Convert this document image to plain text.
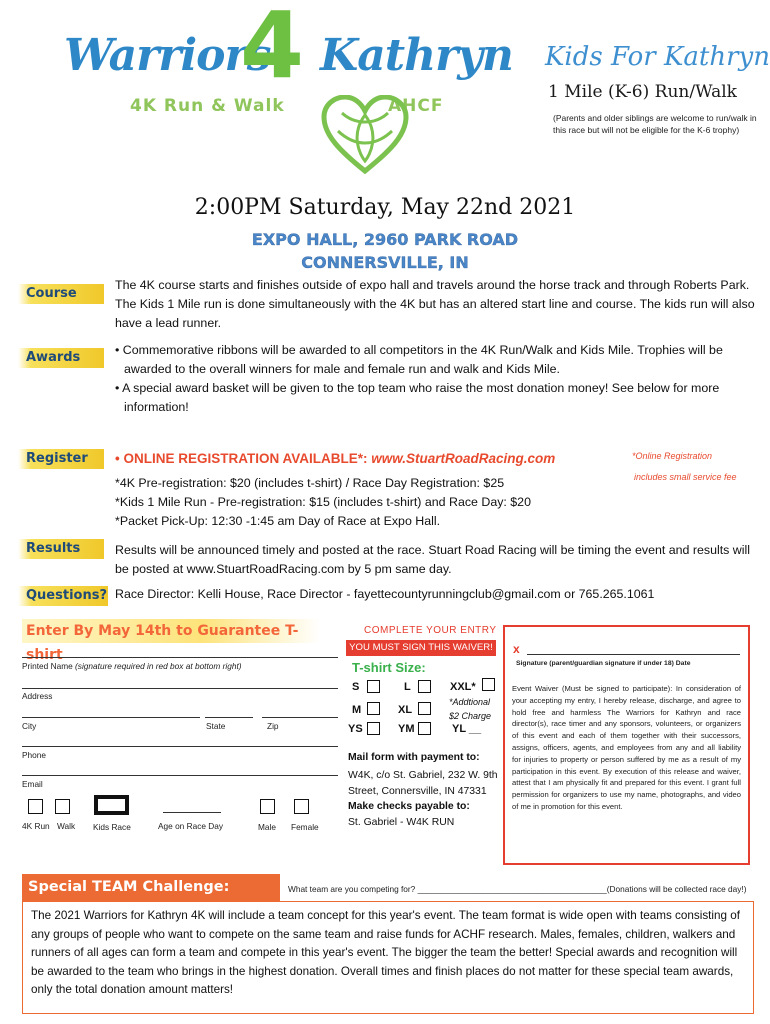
Warriors
4 Kathryn
4K Run & Walk	AHCF
Kids For Kathryn
1 Mile (K-6) Run/Walk
(Parents and older siblings are welcome to run/walk in this race but will not be eligible for the K-6 trophy)
2:00PM Saturday, May 22nd 2021
EXPO HALL, 2960 PARK ROAD
CONNERSVILLE, IN
Course
The 4K course starts and finishes outside of expo hall and travels around the horse track and through Roberts Park. The Kids 1 Mile run is done simultaneously with the 4K but has an altered start line and course. The kids run will also have a lead runner.
Awards	• Commemorative ribbons will be awarded to all competitors in the 4K Run/Walk and Kids Mile. Trophies will be awarded to the overall winners for male and female run and walk and Kids Mile.

• A special award basket will be given to the top team who raise the most donation money! See below for more information!

Register	• ONLINE REGISTRATION AVAILABLE*: www.StuartRoadRacing.com	*Online Registration
includes small service fee
*4K Pre-registration: $20 (includes t-shirt) / Race Day Registration: $25
*Kids 1 Mile Run - Pre-registration: $15 (includes t-shirt) and Race Day: $20
*Packet Pick-Up: 12:30 -1:45 am Day of Race at Expo Hall.
Results	Results will be announced timely and posted at the race. Stuart Road Racing will be timing the event and results will be posted at www.StuartRoadRacing.com by 5 pm same day.
Questions? Race Director: Kelli House, Race Director - fayettecountyrunningclub@gmail.com or 765.265.1061
Enter By May 14th to Guarantee T-shirt
COMPLETE YOUR ENTRY
YOU MUST SIGN THIS WAIVER!
Printed Name (signature required in red box at bottom right)
Address
City	State	Zip
Phone
Email
4K Run Walk Kids Race	Age on Race Day	Male Female
T-shirt Size:
S	L	XXL*
*Addtional
M	XL	$2 Charge
YS	YM	YL __
Mail form with payment to:
W4K, c/o St. Gabriel, 232 W. 9th
Street, Connersville, IN 47331
Make checks payable to:
St. Gabriel - W4K RUN
x
Signature (parent/guardian signature if under 18) Date
Event Waiver (Must be signed to participate): In consideration of your accepting my entry, I hereby release, discharge, and agree to hold free and harmless The Warriors for Kathryn and race director(s), race timer and any sponsors, volunteers, or organizers of this event and each of them together with their successors, assigns, officers, agents, and employees from any and all liability for injuries to property or person suffered by me as a result of my participation in this event. By execution of this release and waiver, attest that I am physically fit and prepared for this event. I grant full permission for organizers to use my name, photographs, and video of me in promotion for this event.
Special TEAM Challenge:	What team are you competing for? _________________________________________(Donations will be collected race day!)
The 2021 Warriors for Kathryn 4K will include a team concept for this year's event. The team format is wide open with teams consisting of any groups of people who want to compete on the same team and raise funds for ACHF research. Males, females, children, walkers and runners of all ages can form a team and compete in this year's event. The bigger the team the better! Special awards and recognition will be awarded to the team who brings in the highest donation. Overall times and finish places do not matter for these special team awards, only the total donation amount matters!
